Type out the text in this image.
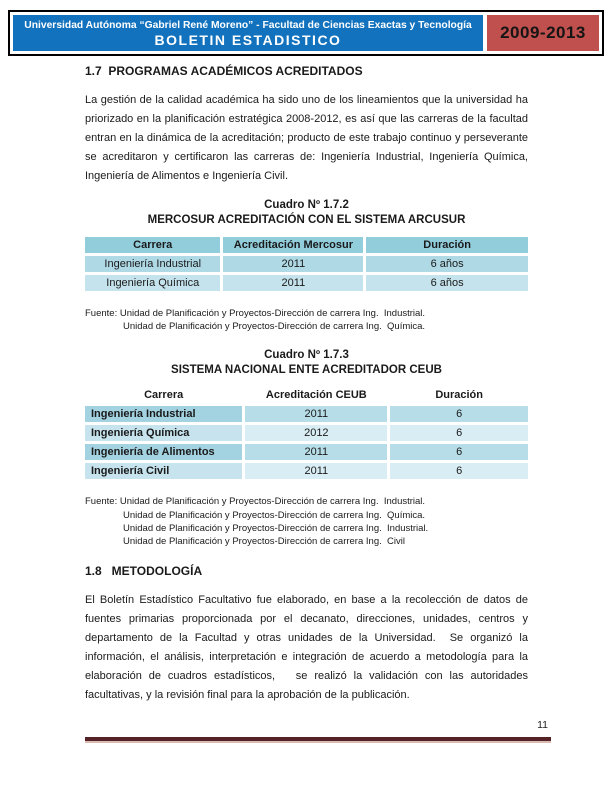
Universidad Autónoma “Gabriel René Moreno” - Facultad de Ciencias Exactas y Tecnología
BOLETIN ESTADISTICO	2009-2013
1.7  PROGRAMAS ACADÉMICOS ACREDITADOS

La gestión de la calidad académica ha sido uno de los lineamientos que la universidad ha priorizado en la planificación estratégica 2008-2012, es así que las carreras de la facultad entran en la dinámica de la acreditación; producto de este trabajo continuo y perseverante se acreditaron y certificaron las carreras de: Ingeniería Industrial, Ingeniería Química, Ingeniería de Alimentos e Ingeniería Civil.

Cuadro Nº 1.7.2
MERCOSUR ACREDITACIÓN CON EL SISTEMA ARCUSUR
Carrera	Acreditación Mercosur	Duración
Ingeniería Industrial	2011	6 años
Ingeniería Química	2011	6 años
Fuente: Unidad de Planificación y Proyectos-Dirección de carrera Ing.  Industrial.
Unidad de Planificación y Proyectos-Dirección de carrera Ing.  Química.
Cuadro Nº 1.7.3
SISTEMA NACIONAL ENTE ACREDITADOR CEUB
Carrera	Acreditación CEUB	Duración
Ingeniería Industrial	2011	6
Ingeniería Química	2012	6
Ingeniería de Alimentos	2011	6
Ingeniería Civil	2011	6
Fuente: Unidad de Planificación y Proyectos-Dirección de carrera Ing.  Industrial.
Unidad de Planificación y Proyectos-Dirección de carrera Ing.  Química.
Unidad de Planificación y Proyectos-Dirección de carrera Ing.  Industrial.
Unidad de Planificación y Proyectos-Dirección de carrera Ing.  Civil
1.8   METODOLOGÍA

El Boletín Estadístico Facultativo fue elaborado, en base a la recolección de datos de fuentes primarias proporcionada por el decanato, direcciones, unidades, centros y departamento de la Facultad y otras unidades de la Universidad.  Se organizó la información, el análisis, interpretación e integración de acuerdo a metodología para la elaboración de cuadros estadísticos,   se realizó la validación con las autoridades facultativas, y la revisión final para la aprobación de la publicación.

11
